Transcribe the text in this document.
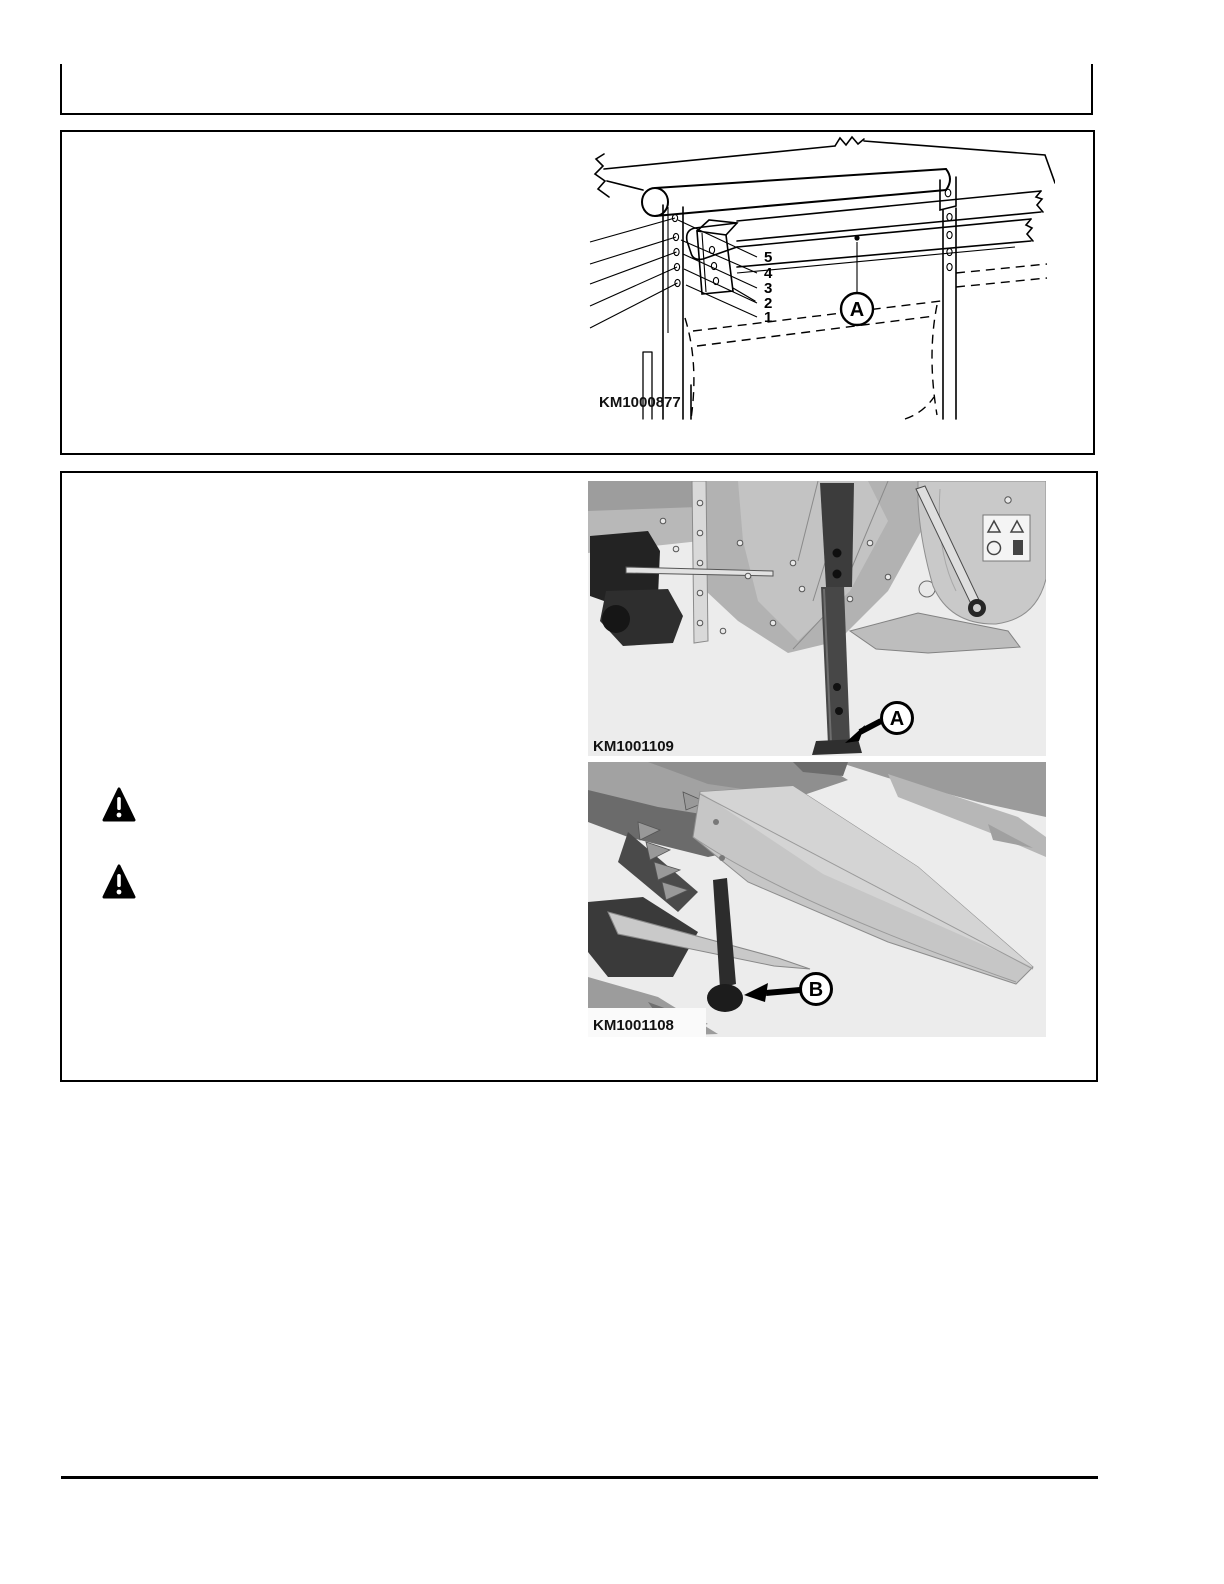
5
4
3
2
1	A
KM1000877
A
KM1001109
B
KM1001108
